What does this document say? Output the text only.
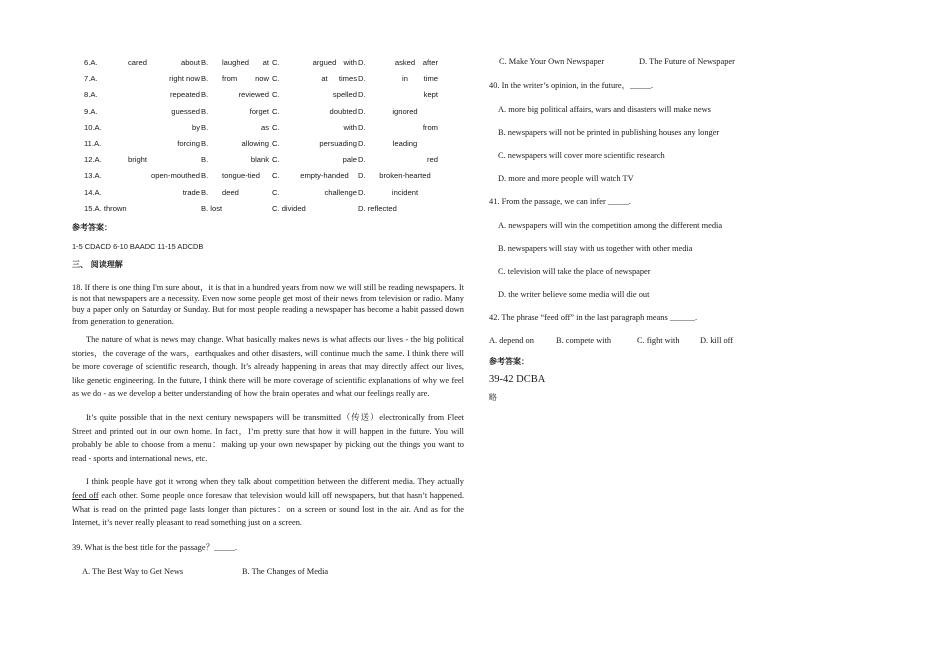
6.A.	cared	about B. laughed	at C.	argued with D.	asked	after
7.A.	right now B. from	now C.	at	times D.	in	time
8.A.	repeated B.	reviewed C.	spelled D.	kept
9.A.	guessed B.	forget C.	doubted D.	ignored
10.A.	by B.	as C.	with D.	from
11.A.	forcing B.	allowing C.	persuading D.	leading
12.A.	bright	B.	blank C.	pale D.	red
13.A.	open-mouthed B. tongue-tied	C.	empty-handed	D.	broken-hearted
14.A.	trade B. deed	C.	challenge D.	incident
15.A. thrown	B. lost	C. divided	D. reflected
参考答案：
1-5 CDACD 6-10 BAADC 11-15 ADCDB
三、 阅读理解

18. If there is one thing I'm sure about，it is that in a hundred years from now we will still be reading newspapers. It is not that newspapers are a necessity. Even now some people get most of their news from television or radio. Many buy a paper only on Saturday or Sunday. But for most people reading a newspaper has become a habit passed down from generation to generation.

The nature of what is news may change. What basically makes news is what affects our lives - the big political stories，the coverage of the wars，earthquakes and other disasters, will continue much the same. I think there will be more coverage of scientific research, though. It’s already happening in areas that may directly affect our lives, like genetic engineering. In the future, I think there will be more coverage of scientific explanations of why we feel as we do - as we develop a better understanding of how the brain operates and what our feelings really are.

It’s quite possible that in the next century newspapers will be transmitted（传送）electronically from Fleet Street and printed out in our own home. In fact，I’m pretty sure that how it will happen in the future. You will probably be able to choose from a menu：making up your own newspaper by picking out the things you want to read - sports and international news, etc.

I think people have got it wrong when they talk about competition between the different media. They actually feed off each other. Some people once foresaw that television would kill off newspapers, but that hasn’t happened. What is read on the printed page lasts longer than pictures：on a screen or sound lost in the air. And as for the Internet, it’s never really pleasant to read something just on a screen.

39. What is the best title for the passage？_____.
A. The Best Way to Get News	B. The Changes of Media
C. Make Your Own Newspaper	D. The Future of Newspaper
40. In the writer’s opinion, in the future，_____.
A. more big political affairs, wars and disasters will make news
B. newspapers will not be printed in publishing houses any longer
C. newspapers will cover more scientific research
D. more and more people will watch TV
41. From the passage, we can infer _____.
A. newspapers will win the competition among the different media
B. newspapers will stay with us together with other media
C. television will take the place of newspaper
D. the writer believe some media will die out
42. The phrase “feed off” in the last paragraph means ______.
A. depend on	B. compete with	C. fight with D. kill off
参考答案：
39-42 DCBA
略
